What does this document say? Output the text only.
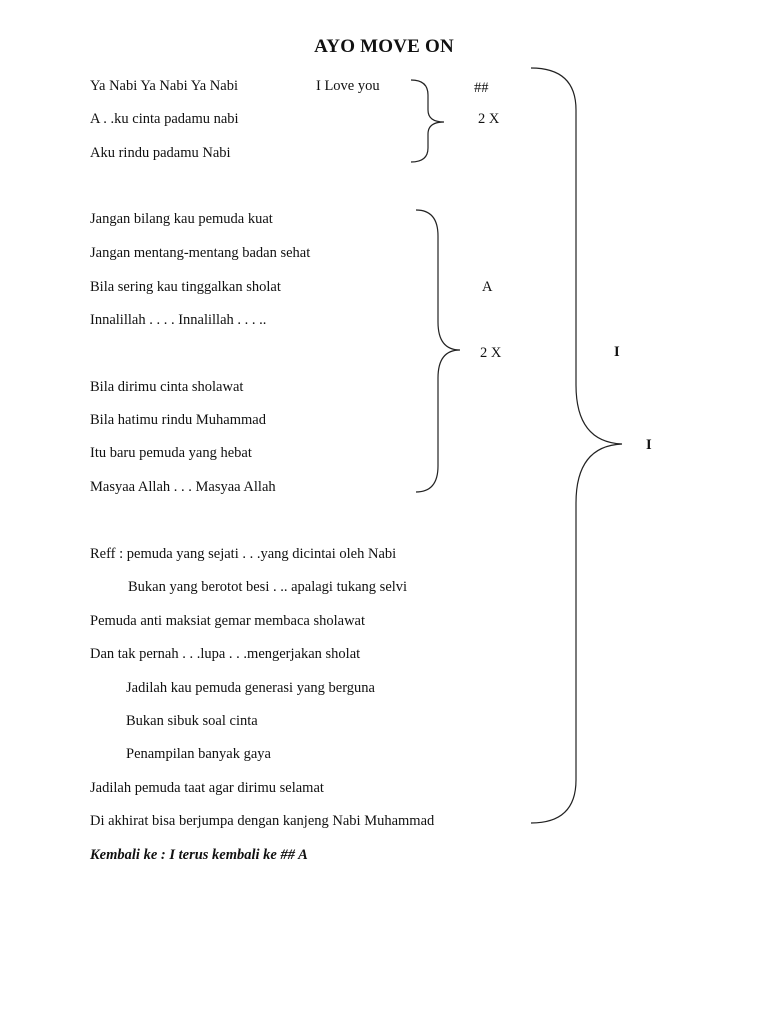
AYO MOVE ON
Ya Nabi Ya Nabi Ya Nabi
A . .ku cinta padamu nabi
Aku rindu padamu Nabi
I Love you	##
2 X
Jangan bilang kau pemuda kuat
Jangan mentang-mentang badan sehat
Bila sering kau tinggalkan sholat
Innalillah . . . . Innalillah . . . ..
Bila dirimu cinta sholawat
Bila hatimu rindu Muhammad
Itu baru pemuda yang hebat
Masyaa Allah . . . Masyaa Allah
A
2 X	I
Reff : pemuda yang sejati . . .yang dicintai oleh Nabi
Bukan yang berotot besi . .. apalagi tukang selvi
Pemuda anti maksiat gemar membaca sholawat
Dan tak pernah . . .lupa . . .mengerjakan sholat
Jadilah kau pemuda generasi yang berguna
Bukan sibuk soal cinta
Penampilan banyak gaya
Jadilah pemuda taat agar dirimu selamat
Di akhirat bisa berjumpa dengan kanjeng Nabi Muhammad
I
Kembali ke : I terus kembali ke ## A
